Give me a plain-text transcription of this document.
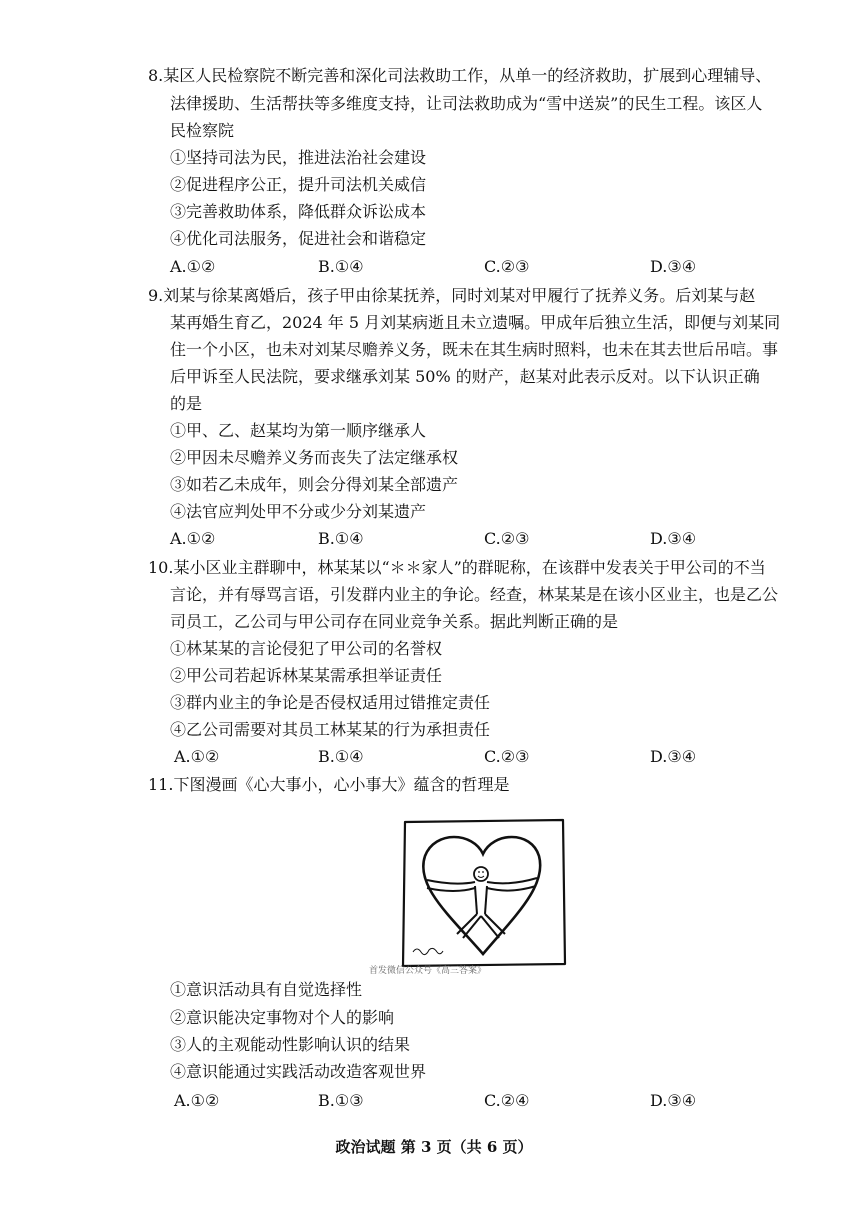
8.某区人民检察院不断完善和深化司法救助工作，从单一的经济救助，扩展到心理辅导、
法律援助、生活帮扶等多维度支持，让司法救助成为“雪中送炭”的民生工程。该区人
民检察院
①坚持司法为民，推进法治社会建设
②促进程序公正，提升司法机关威信
③完善救助体系，降低群众诉讼成本
④优化司法服务，促进社会和谐稳定
A.①②	B.①④	C.②③	D.③④
9.刘某与徐某离婚后，孩子甲由徐某抚养，同时刘某对甲履行了抚养义务。后刘某与赵
某再婚生育乙，2024 年 5 月刘某病逝且未立遗嘱。甲成年后独立生活，即便与刘某同
住一个小区，也未对刘某尽赡养义务，既未在其生病时照料，也未在其去世后吊唁。事
后甲诉至人民法院，要求继承刘某 50% 的财产，赵某对此表示反对。以下认识正确
的是
①甲、乙、赵某均为第一顺序继承人
②甲因未尽赡养义务而丧失了法定继承权
③如若乙未成年，则会分得刘某全部遗产
④法官应判处甲不分或少分刘某遗产
A.①②	B.①④	C.②③	D.③④
10.某小区业主群聊中，林某某以“＊＊家人”的群昵称，在该群中发表关于甲公司的不当
言论，并有辱骂言语，引发群内业主的争论。经查，林某某是在该小区业主，也是乙公
司员工，乙公司与甲公司存在同业竞争关系。据此判断正确的是
①林某某的言论侵犯了甲公司的名誉权
②甲公司若起诉林某某需承担举证责任
③群内业主的争论是否侵权适用过错推定责任
④乙公司需要对其员工林某某的行为承担责任
A.①②	B.①④	C.②③	D.③④
11.下图漫画《心大事小，心小事大》蕴含的哲理是
首发微信公众号《高三答案》
①意识活动具有自觉选择性
②意识能决定事物对个人的影响
③人的主观能动性影响认识的结果
④意识能通过实践活动改造客观世界
A.①②	B.①③	C.②④	D.③④
政治试题 第 3 页（共 6 页）
